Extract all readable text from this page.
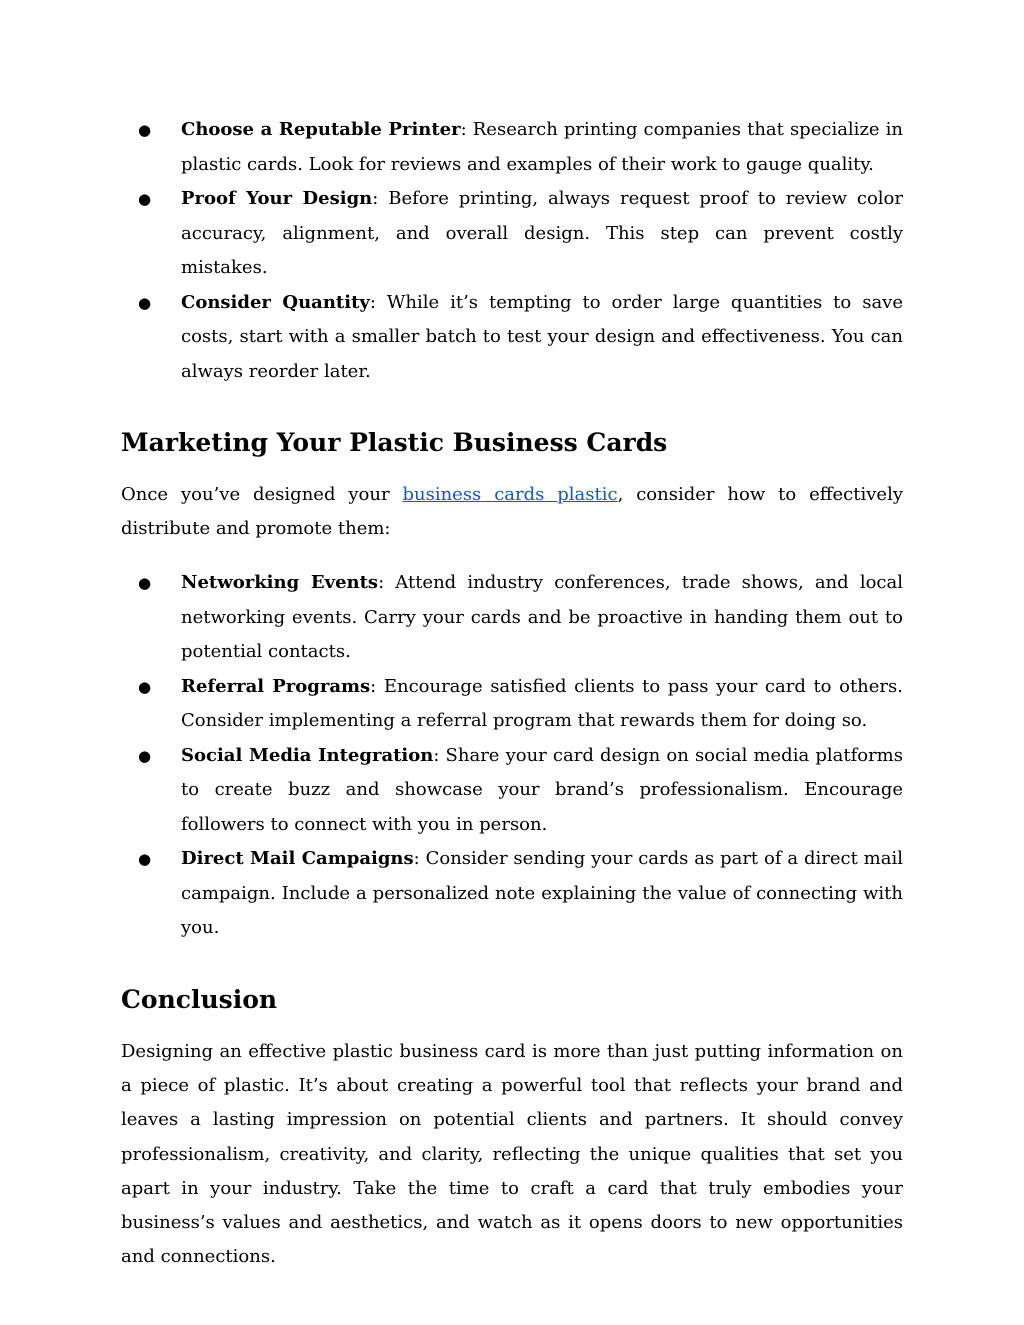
● Choose a Reputable Printer: Research printing companies that specialize in plastic cards. Look for reviews and examples of their work to gauge quality.
● Proof Your Design: Before printing, always request proof to review color accuracy, alignment, and overall design. This step can prevent costly mistakes.
● Consider Quantity: While it’s tempting to order large quantities to save costs, start with a smaller batch to test your design and effectiveness. You can always reorder later.
Marketing Your Plastic Business Cards

Once you’ve designed your business cards plastic, consider how to effectively distribute and promote them:

● Networking Events: Attend industry conferences, trade shows, and local networking events. Carry your cards and be proactive in handing them out to potential contacts.
● Referral Programs: Encourage satisfied clients to pass your card to others. Consider implementing a referral program that rewards them for doing so.
● Social Media Integration: Share your card design on social media platforms to create buzz and showcase your brand’s professionalism. Encourage followers to connect with you in person.
● Direct Mail Campaigns: Consider sending your cards as part of a direct mail campaign. Include a personalized note explaining the value of connecting with you.
Conclusion

Designing an effective plastic business card is more than just putting information on a piece of plastic. It’s about creating a powerful tool that reflects your brand and leaves a lasting impression on potential clients and partners. It should convey professionalism, creativity, and clarity, reflecting the unique qualities that set you apart in your industry. Take the time to craft a card that truly embodies your business’s values and aesthetics, and watch as it opens doors to new opportunities and connections.
